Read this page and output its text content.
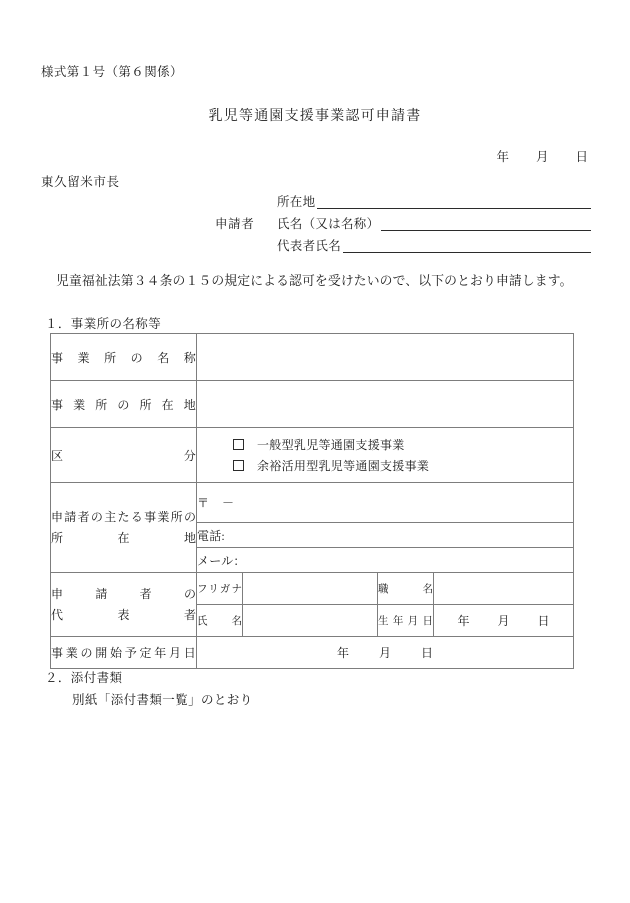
様式第１号（第６関係）
乳児等通園支援事業認可申請書
年 月 日
東久留米市長
所在地
申請者	氏名（又は名称）
代表者氏名
児童福祉法第３４条の１５の規定による認可を受けたいので、以下のとおり申請します。
１．事業所の名称等
事業所の名称				
事業所の所在地				
区分	一般型乳児等通園支援事業
余裕活用型乳児等通園支援事業			

申請者の主たる事業所の
所在地	〒 －			
	電話:			
	メール：			

申請者の
代表者	フリガナ		職名	
	氏名		生年月日	年 月 日
事業の開始予定年月日	年 月 日			
２．添付書類
別紙「添付書類一覧」のとおり
